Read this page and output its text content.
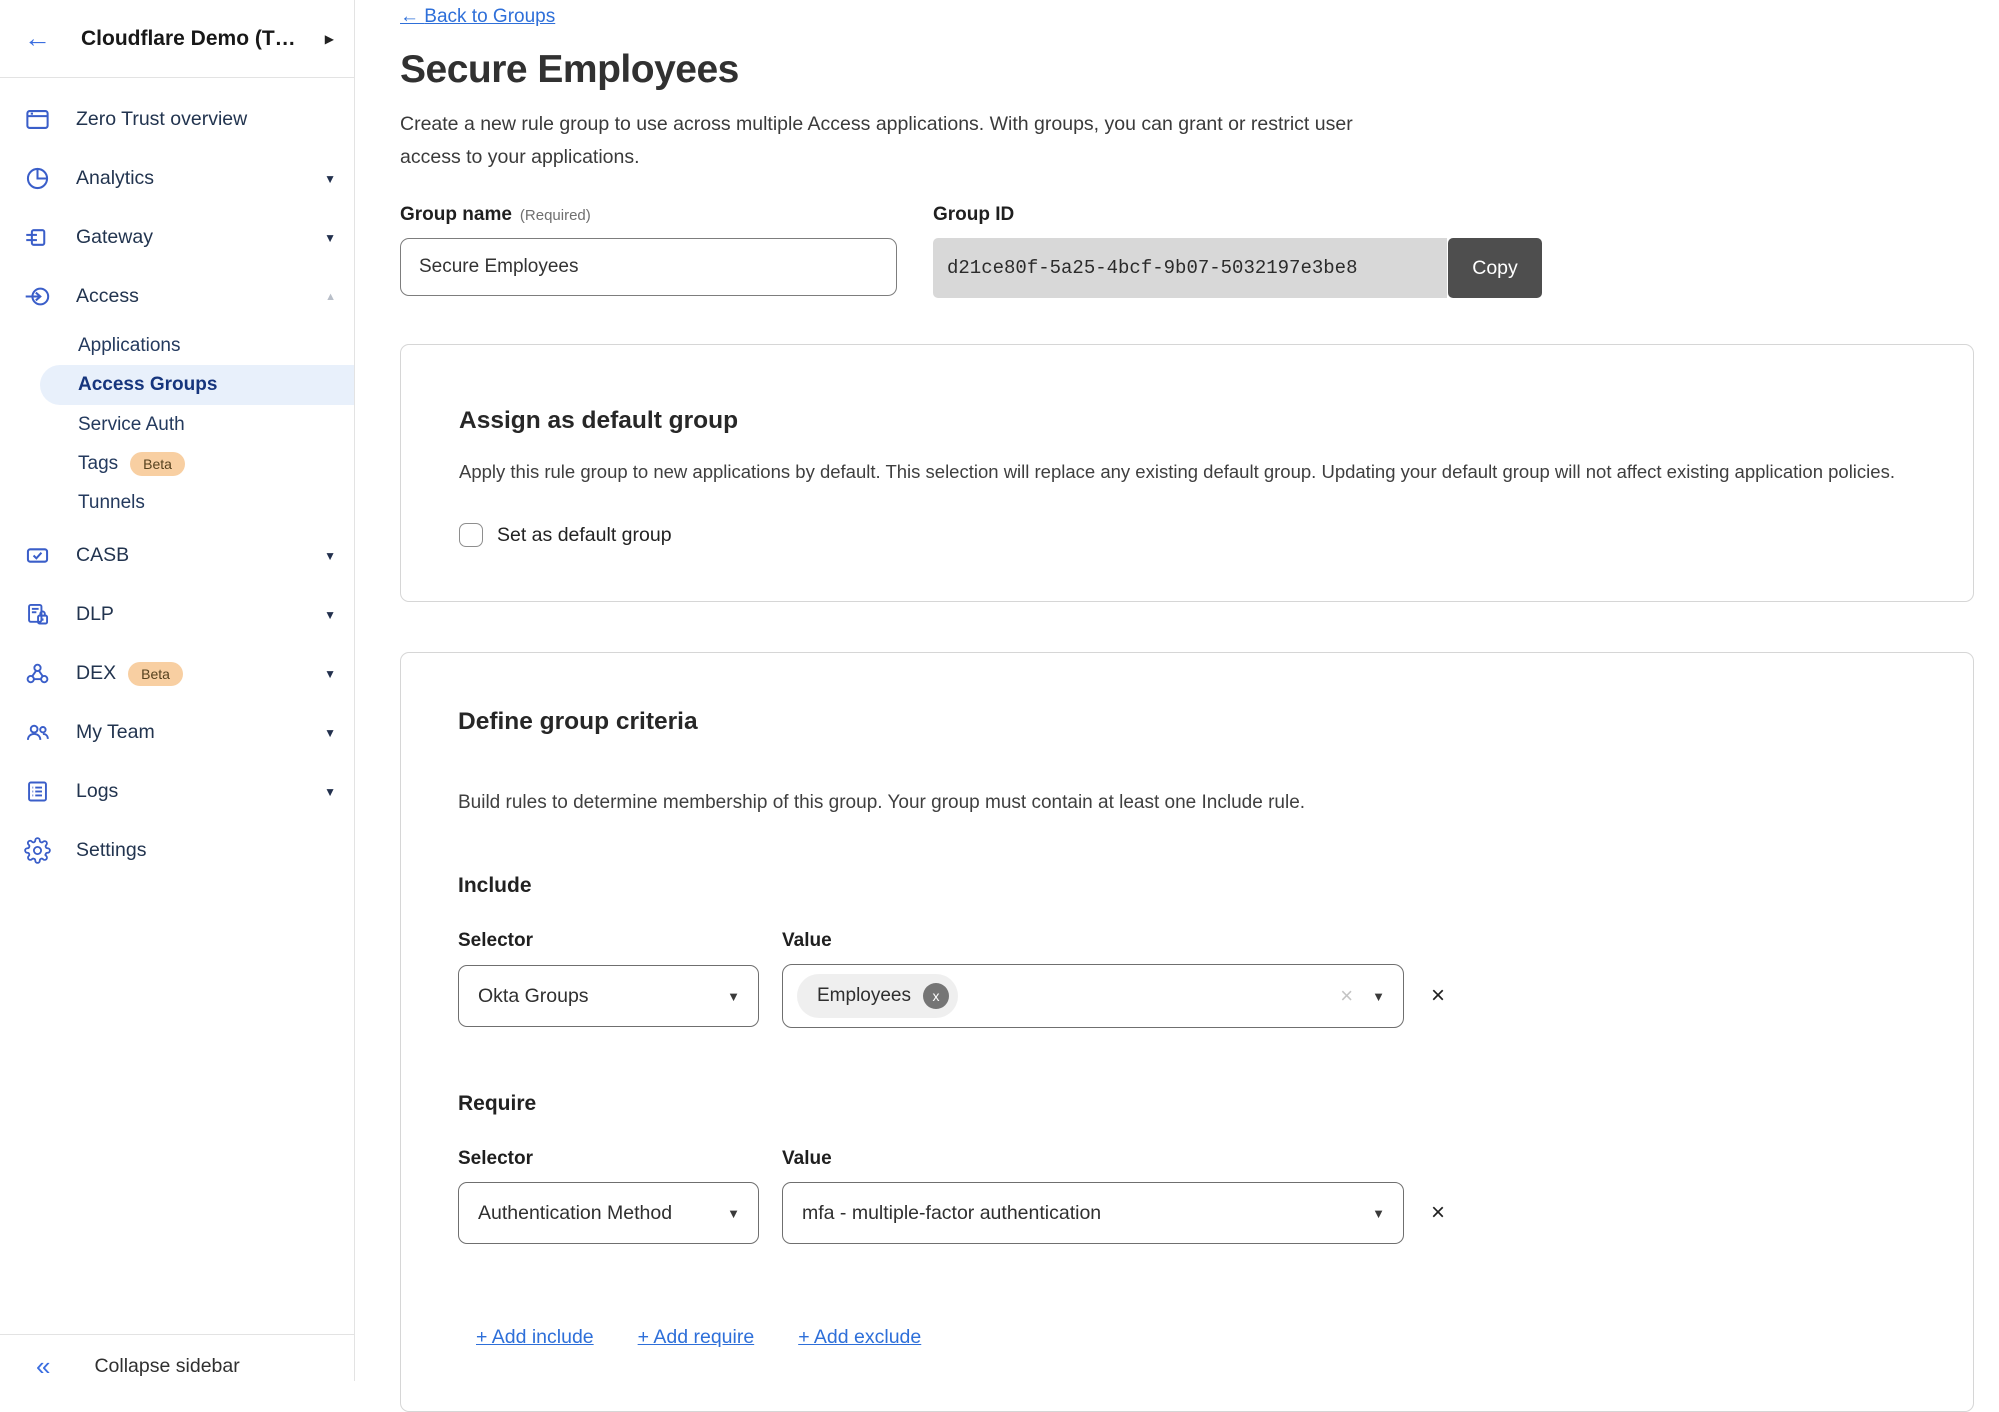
← Cloudflare Demo (T… ▶
Zero Trust overview
Analytics	▼
Gateway	▼
Access	▲
Applications
Access Groups
Service Auth
Tags	Beta
Tunnels
CASB	▼
DLP	▼
DEX	Beta	▼
My Team	▼
Logs	▼
Settings
« Collapse sidebar
← Back to Groups
Secure Employees

Create a new rule group to use across multiple Access applications. With groups, you can grant or restrict user access to your applications.

Group name (Required)
Secure Employees	Group ID
d21ce80f-5a25-4bcf-9b07-5032197e3be8	Copy
Assign as default group

Apply this rule group to new applications by default. This selection will replace any existing default group. Updating your default group will not affect existing application policies.

Set as default group
Define group criteria

Build rules to determine membership of this group. Your group must contain at least one Include rule.

Include
Selector	Value
Okta Groups	▼	Employees	x	× ▼ ×
Require
Selector	Value
Authentication Method	▼	mfa - multiple-factor authentication	▼ ×
+ Add include + Add require + Add exclude
